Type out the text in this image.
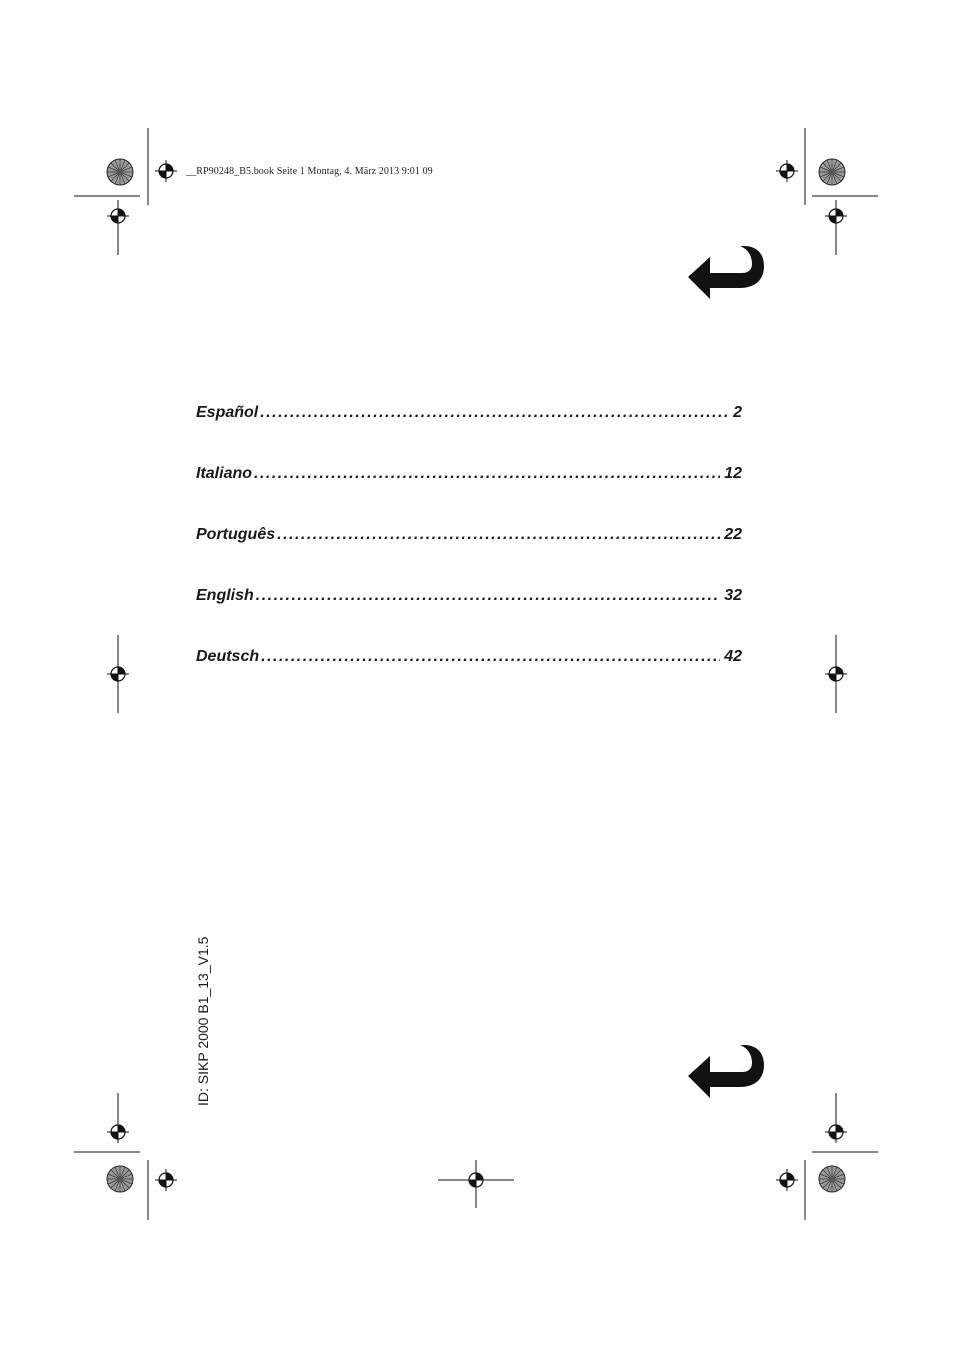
__RP90248_B5.book Seite 1 Montag, 4. März 2013 9:01 09
Español .....	2
Italiano .....	12
Português .....	22
English .....	32
Deutsch .....	42
ID: SIKP 2000 B1_13_V1.5
